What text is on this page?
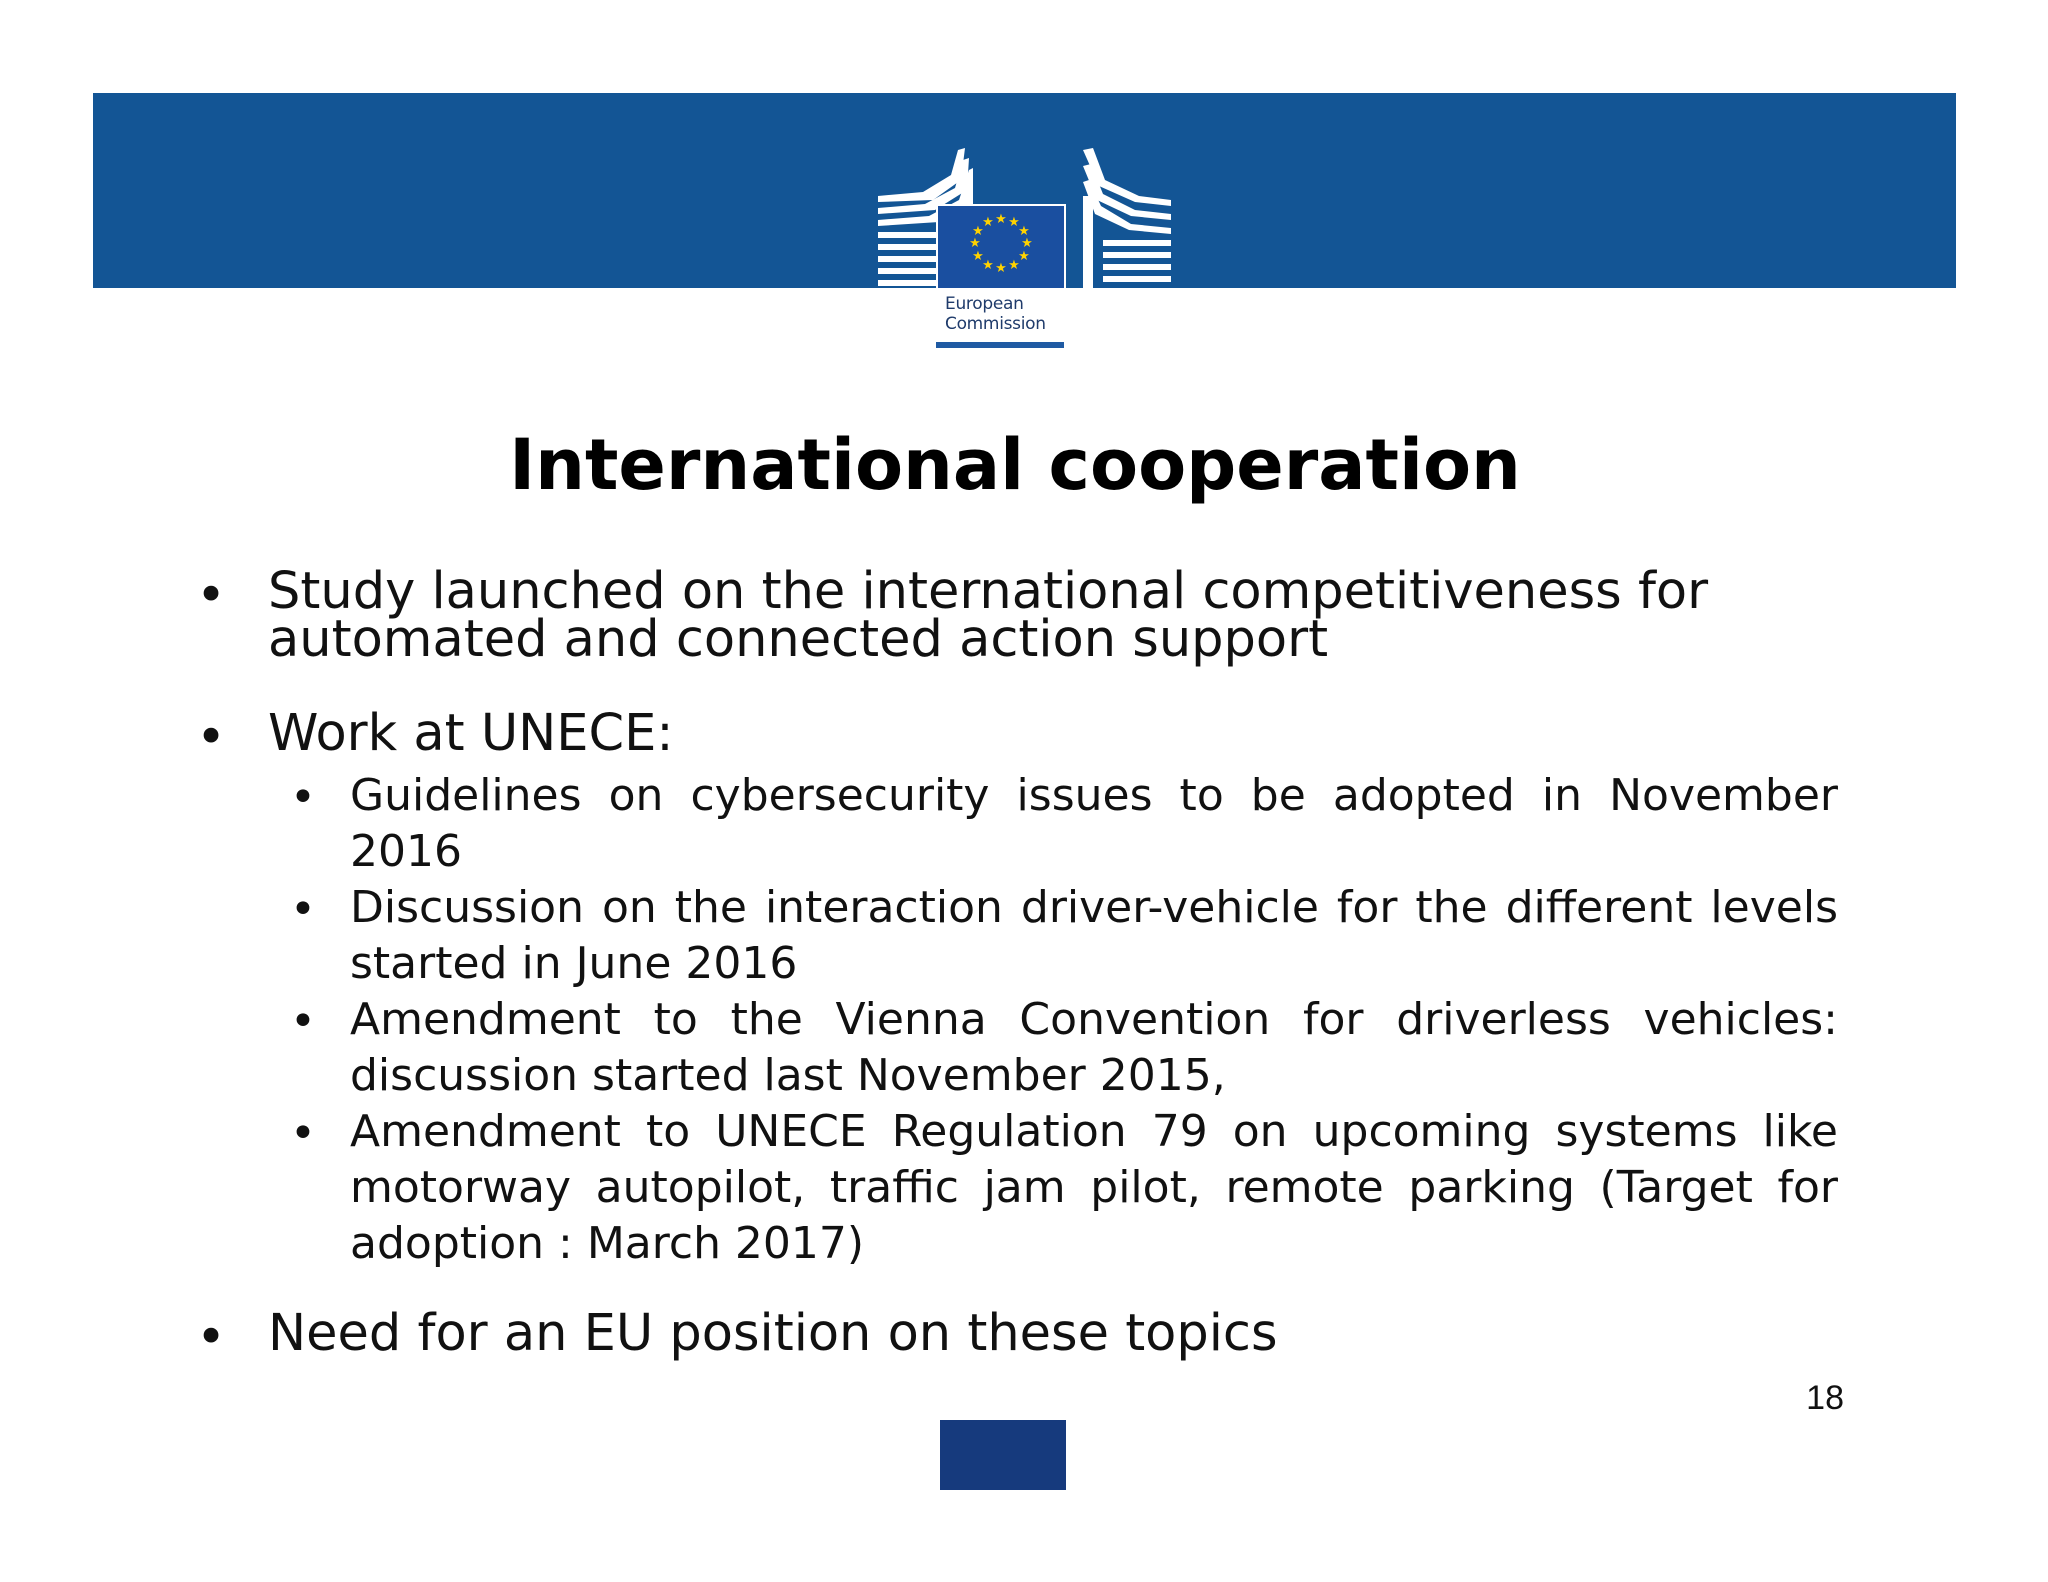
★ ★
★
★
★
★
★
★
★
★
★
★
European
Commission
International cooperation
• Study launched on the international competitiveness for automated and connected action support
• Work at UNECE:
• Guidelines on cybersecurity issues to be adopted in November 2016
• Discussion on the interaction driver-vehicle for the different levels started in June 2016
• Amendment to the Vienna Convention for driverless vehicles: discussion started last November 2015,
• Amendment to UNECE Regulation 79 on upcoming systems like motorway autopilot, traffic jam pilot, remote parking (Target for adoption : March 2017)
• Need for an EU position on these topics
18
